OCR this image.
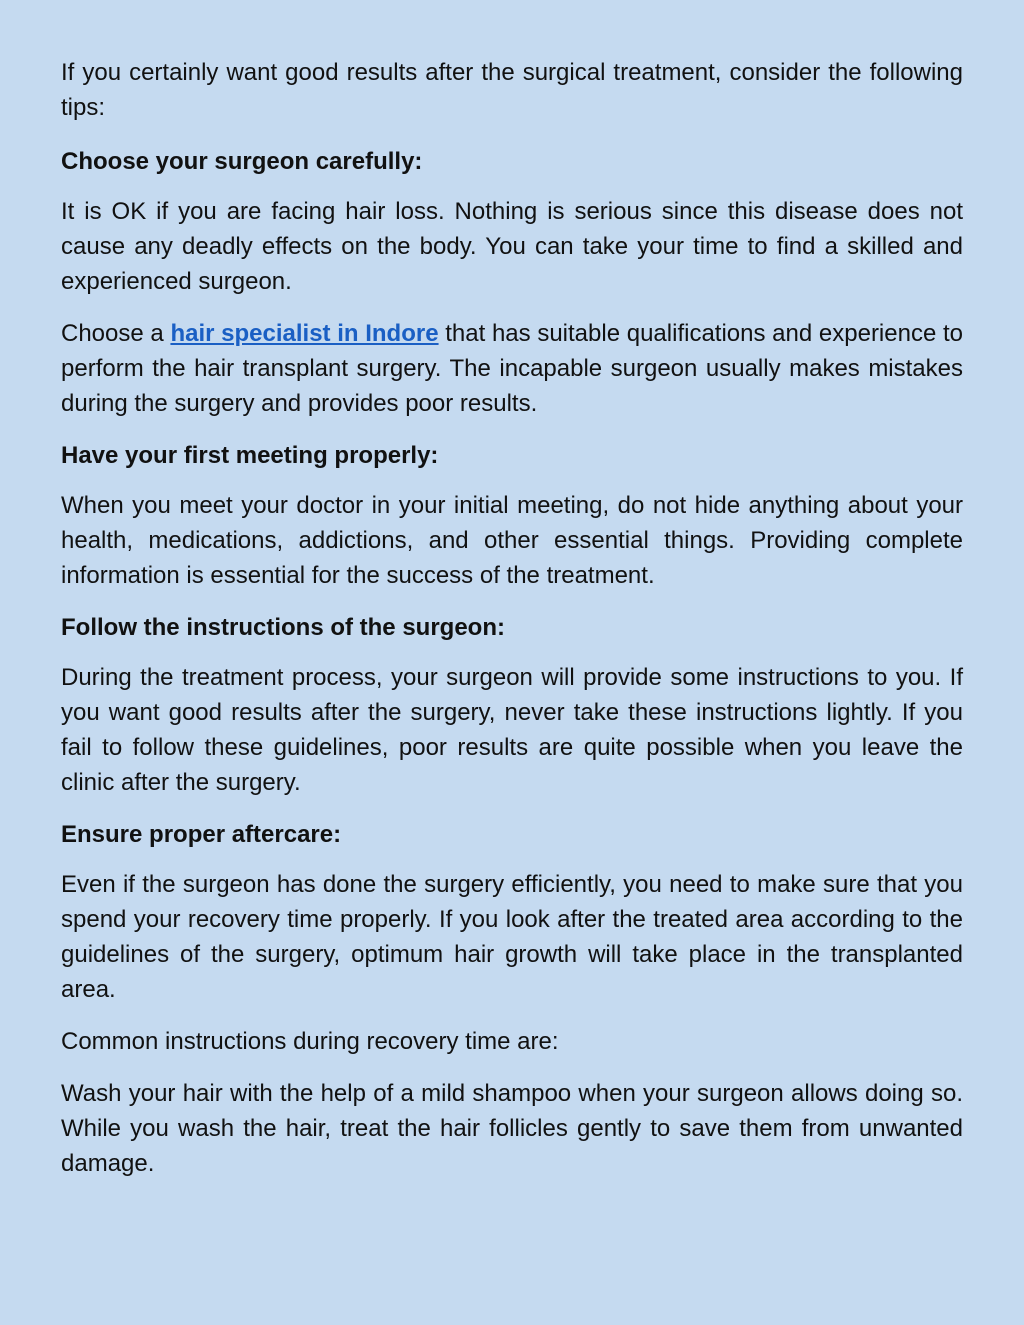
If you certainly want good results after the surgical treatment, consider the following tips:

Choose your surgeon carefully:

It is OK if you are facing hair loss. Nothing is serious since this disease does not cause any deadly effects on the body. You can take your time to find a skilled and experienced surgeon.

Choose a hair specialist in Indore that has suitable qualifications and experience to perform the hair transplant surgery. The incapable surgeon usually makes mistakes during the surgery and provides poor results.

Have your first meeting properly:

When you meet your doctor in your initial meeting, do not hide anything about your health, medications, addictions, and other essential things. Providing complete information is essential for the success of the treatment.

Follow the instructions of the surgeon:

During the treatment process, your surgeon will provide some instructions to you. If you want good results after the surgery, never take these instructions lightly. If you fail to follow these guidelines, poor results are quite possible when you leave the clinic after the surgery.

Ensure proper aftercare:

Even if the surgeon has done the surgery efficiently, you need to make sure that you spend your recovery time properly. If you look after the treated area according to the guidelines of the surgery, optimum hair growth will take place in the transplanted area.

Common instructions during recovery time are:

Wash your hair with the help of a mild shampoo when your surgeon allows doing so. While you wash the hair, treat the hair follicles gently to save them from unwanted damage.
